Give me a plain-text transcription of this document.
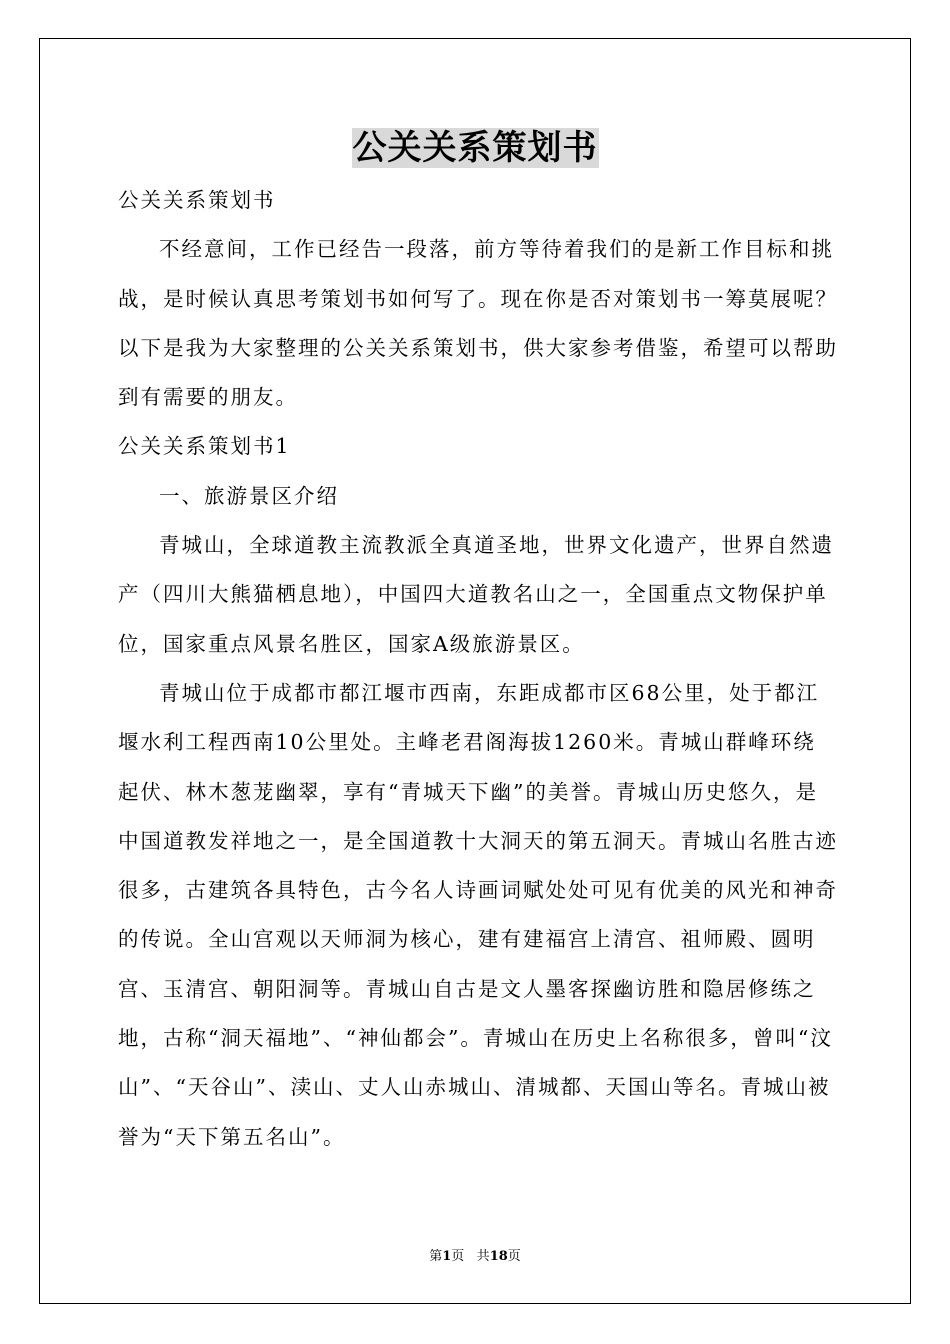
公关关系策划书

公关关系策划书

不经意间，工作已经告一段落，前方等待着我们的是新工作目标和挑战，是时候认真思考策划书如何写了。现在你是否对策划书一筹莫展呢？以下是我为大家整理的公关关系策划书，供大家参考借鉴，希望可以帮助到有需要的朋友。

公关关系策划书1

一、旅游景区介绍

青城山，全球道教主流教派全真道圣地，世界文化遗产，世界自然遗产（四川大熊猫栖息地），中国四大道教名山之一，全国重点文物保护单位，国家重点风景名胜区，国家A级旅游景区。

青城山位于成都市都江堰市西南，东距成都市区68公里，处于都江堰水利工程西南10公里处。主峰老君阁海拔1260米。青城山群峰环绕起伏、林木葱茏幽翠，享有“青城天下幽”的美誉。青城山历史悠久，是中国道教发祥地之一，是全国道教十大洞天的第五洞天。青城山名胜古迹很多，古建筑各具特色，古今名人诗画词赋处处可见有优美的风光和神奇的传说。全山宫观以天师洞为核心，建有建福宫上清宫、祖师殿、圆明宫、玉清宫、朝阳洞等。青城山自古是文人墨客探幽访胜和隐居修练之地，古称“洞天福地”、“神仙都会”。青城山在历史上名称很多，曾叫“汶山”、“天谷山”、渎山、丈人山赤城山、清城都、天国山等名。青城山被誉为“天下第五名山”。

第1页 共18页
